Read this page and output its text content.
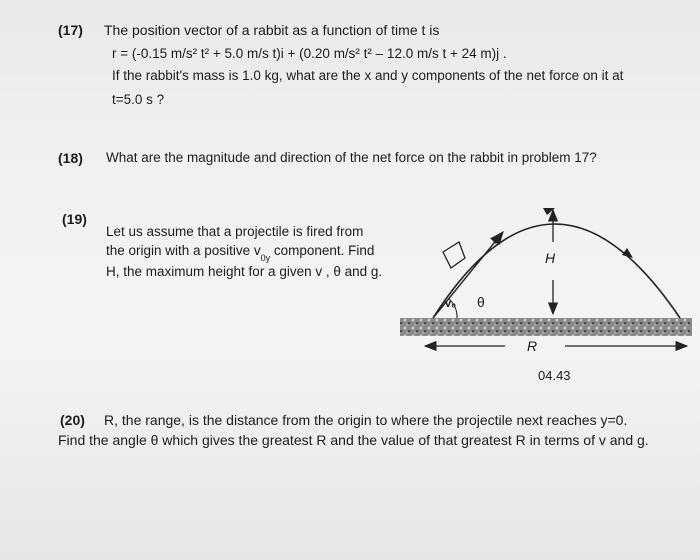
(17) The position vector of a rabbit as a function of time t is
r = (-0.15 m/s² t² + 5.0 m/s t)i + (0.20 m/s² t² – 12.0 m/s t + 24 m)j .
If the rabbit's mass is 1.0 kg, what are the x and y components of the net force on it at
t=5.0 s ?
(18) What are the magnitude and direction of the net force on the rabbit in problem 17?
(19)
Let us assume that a projectile is fired from
the origin with a positive $v_{0y}$ component. Find
H, the maximum height for a given v , θ and g.
H
R
v₀ θ
04.43
(20) R, the range, is the distance from the origin to where the projectile next reaches y=0.
Find the angle θ which gives the greatest R and the value of that greatest R in terms of v and g.
